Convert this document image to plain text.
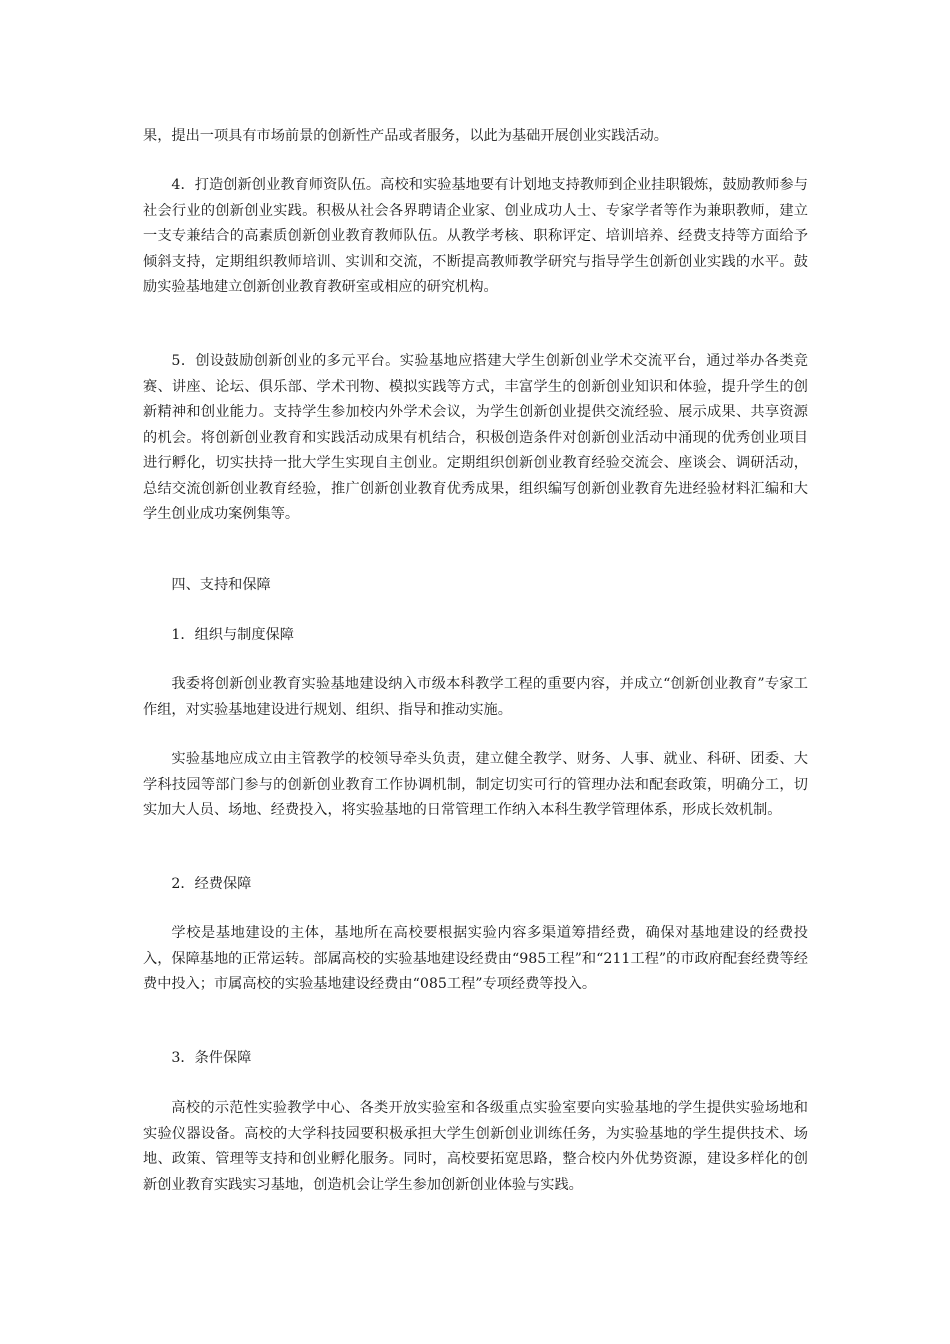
果，提出一项具有市场前景的创新性产品或者服务，以此为基础开展创业实践活动。

4．打造创新创业教育师资队伍。高校和实验基地要有计划地支持教师到企业挂职锻炼，鼓励教师参与社会行业的创新创业实践。积极从社会各界聘请企业家、创业成功人士、专家学者等作为兼职教师，建立一支专兼结合的高素质创新创业教育教师队伍。从教学考核、职称评定、培训培养、经费支持等方面给予倾斜支持，定期组织教师培训、实训和交流，不断提高教师教学研究与指导学生创新创业实践的水平。鼓励实验基地建立创新创业教育教研室或相应的研究机构。

5．创设鼓励创新创业的多元平台。实验基地应搭建大学生创新创业学术交流平台，通过举办各类竞赛、讲座、论坛、俱乐部、学术刊物、模拟实践等方式，丰富学生的创新创业知识和体验，提升学生的创新精神和创业能力。支持学生参加校内外学术会议，为学生创新创业提供交流经验、展示成果、共享资源的机会。将创新创业教育和实践活动成果有机结合，积极创造条件对创新创业活动中涌现的优秀创业项目进行孵化，切实扶持一批大学生实现自主创业。定期组织创新创业教育经验交流会、座谈会、调研活动，总结交流创新创业教育经验，推广创新创业教育优秀成果，组织编写创新创业教育先进经验材料汇编和大学生创业成功案例集等。

四、支持和保障

1．组织与制度保障

我委将创新创业教育实验基地建设纳入市级本科教学工程的重要内容，并成立“创新创业教育”专家工作组，对实验基地建设进行规划、组织、指导和推动实施。

实验基地应成立由主管教学的校领导牵头负责，建立健全教学、财务、人事、就业、科研、团委、大学科技园等部门参与的创新创业教育工作协调机制，制定切实可行的管理办法和配套政策，明确分工，切实加大人员、场地、经费投入，将实验基地的日常管理工作纳入本科生教学管理体系，形成长效机制。

2．经费保障

学校是基地建设的主体，基地所在高校要根据实验内容多渠道筹措经费，确保对基地建设的经费投入，保障基地的正常运转。部属高校的实验基地建设经费由“985工程”和“211工程”的市政府配套经费等经费中投入；市属高校的实验基地建设经费由“085工程”专项经费等投入。

3．条件保障

高校的示范性实验教学中心、各类开放实验室和各级重点实验室要向实验基地的学生提供实验场地和实验仪器设备。高校的大学科技园要积极承担大学生创新创业训练任务，为实验基地的学生提供技术、场地、政策、管理等支持和创业孵化服务。同时，高校要拓宽思路，整合校内外优势资源，建设多样化的创新创业教育实践实习基地，创造机会让学生参加创新创业体验与实践。
